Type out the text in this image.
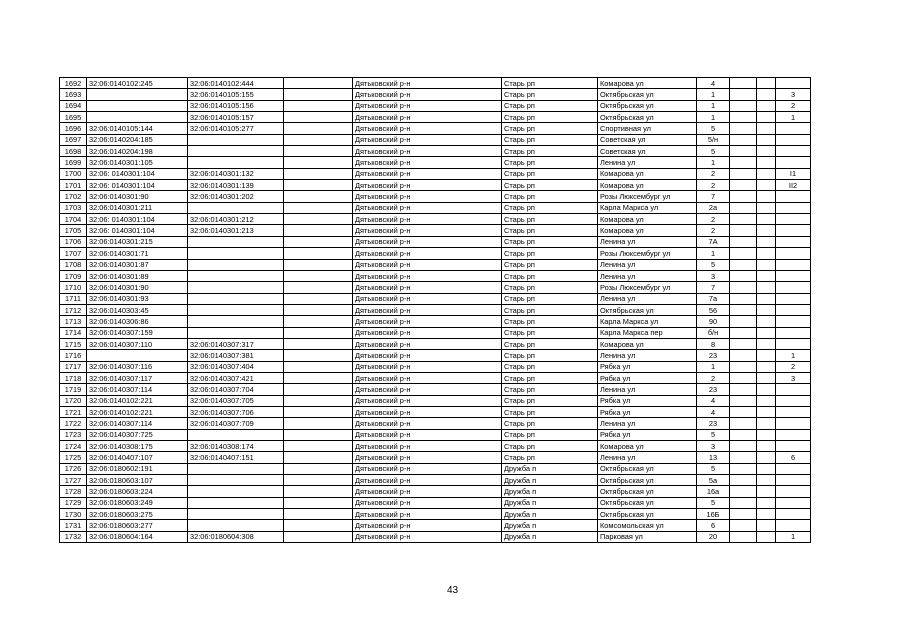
1692	32:06:0140102:245	32:06:0140102:444		Дятьковский р-н	Старь рп	Комарова ул	4			
1693		32:06:0140105:155		Дятьковский р-н	Старь рп	Октябрьская ул	1			3
1694		32:06:0140105:156		Дятьковский р-н	Старь рп	Октябрьская ул	1			2
1695		32:06:0140105:157		Дятьковский р-н	Старь рп	Октябрьская ул	1			1
1696	32:06:0140105:144	32:06:0140105:277		Дятьковский р-н	Старь рп	Спортивная ул	5			
1697	32:06:0140204:185			Дятьковский р-н	Старь рп	Советская ул	5/н			
1698	32:06:0140204:198			Дятьковский р-н	Старь рп	Советская ул	5			
1699	32:06:0140301:105			Дятьковский р-н	Старь рп	Ленина ул	1			
1700	32:06: 0140301:104	32:06:0140301:132		Дятьковский р-н	Старь рп	Комарова ул	2			I1
1701	32:06: 0140301:104	32:06:0140301:139		Дятьковский р-н	Старь рп	Комарова ул	2			II2
1702	32:06:0140301:90	32:06:0140301:202		Дятьковский р-н	Старь рп	Розы Люксембург ул	7			
1703	32:06:0140301:211			Дятьковский р-н	Старь рп	Карла Маркса ул	2а			
1704	32:06: 0140301:104	32:06:0140301:212		Дятьковский р-н	Старь рп	Комарова ул	2			
1705	32:06: 0140301:104	32:06:0140301:213		Дятьковский р-н	Старь рп	Комарова ул	2			
1706	32:06:0140301:215			Дятьковский р-н	Старь рп	Ленина ул	7А			
1707	32:06:0140301:71			Дятьковский р-н	Старь рп	Розы Люксембург ул	1			
1708	32:06:0140301:87			Дятьковский р-н	Старь рп	Ленина ул	5			
1709	32:06:0140301:89			Дятьковский р-н	Старь рп	Ленина ул	3			
1710	32:06:0140301:90			Дятьковский р-н	Старь рп	Розы Люксембург ул	7			
1711	32:06:0140301:93			Дятьковский р-н	Старь рп	Ленина ул	7а			
1712	32:06:0140303:45			Дятьковский р-н	Старь рп	Октябрьская ул	56			
1713	32:06:0140306:86			Дятьковский р-н	Старь рп	Карла Маркса ул	90			
1714	32:06:0140307:159			Дятьковский р-н	Старь рп	Карла Маркса пер	б/н			
1715	32:06:0140307:110	32:06:0140307:317		Дятьковский р-н	Старь рп	Комарова ул	8			
1716		32:06:0140307:381		Дятьковский р-н	Старь рп	Ленина ул	23			1
1717	32:06:0140307:116	32:06:0140307:404		Дятьковский р-н	Старь рп	Рябка ул	1			2
1718	32:06:0140307:117	32:06:0140307:421		Дятьковский р-н	Старь рп	Рябка ул	2			3
1719	32:06:0140307:114	32:06:0140307:704		Дятьковский р-н	Старь рп	Ленина ул	23			
1720	32:06:0140102:221	32:06:0140307:705		Дятьковский р-н	Старь рп	Рябка ул	4			
1721	32:06:0140102:221	32:06:0140307:706		Дятьковский р-н	Старь рп	Рябка ул	4			
1722	32:06:0140307:114	32:06:0140307:709		Дятьковский р-н	Старь рп	Ленина ул	23			
1723	32:06:0140307:725			Дятьковский р-н	Старь рп	Рябка ул	5			
1724	32:06:0140308:175	32:06:0140308:174		Дятьковский р-н	Старь рп	Комарова ул	3			
1725	32:06:0140407:107	32:06:0140407:151		Дятьковский р-н	Старь рп	Ленина ул	13			6
1726	32:06:0180602:191			Дятьковский р-н	Дружба п	Октябрьская ул	5			
1727	32:06:0180603:107			Дятьковский р-н	Дружба п	Октябрьская ул	5а			
1728	32:06:0180603:224			Дятьковский р-н	Дружба п	Октябрьская ул	16а			
1729	32:06:0180603:249			Дятьковский р-н	Дружба п	Октябрьская ул	5			
1730	32:06:0180603:275			Дятьковский р-н	Дружба п	Октябрьская ул	16Б			
1731	32:06:0180603:277			Дятьковский р-н	Дружба п	Комсомольская ул	6			
1732	32:06:0180604:164	32:06:0180604:308		Дятьковский р-н	Дружба п	Парковая ул	20			1
43
